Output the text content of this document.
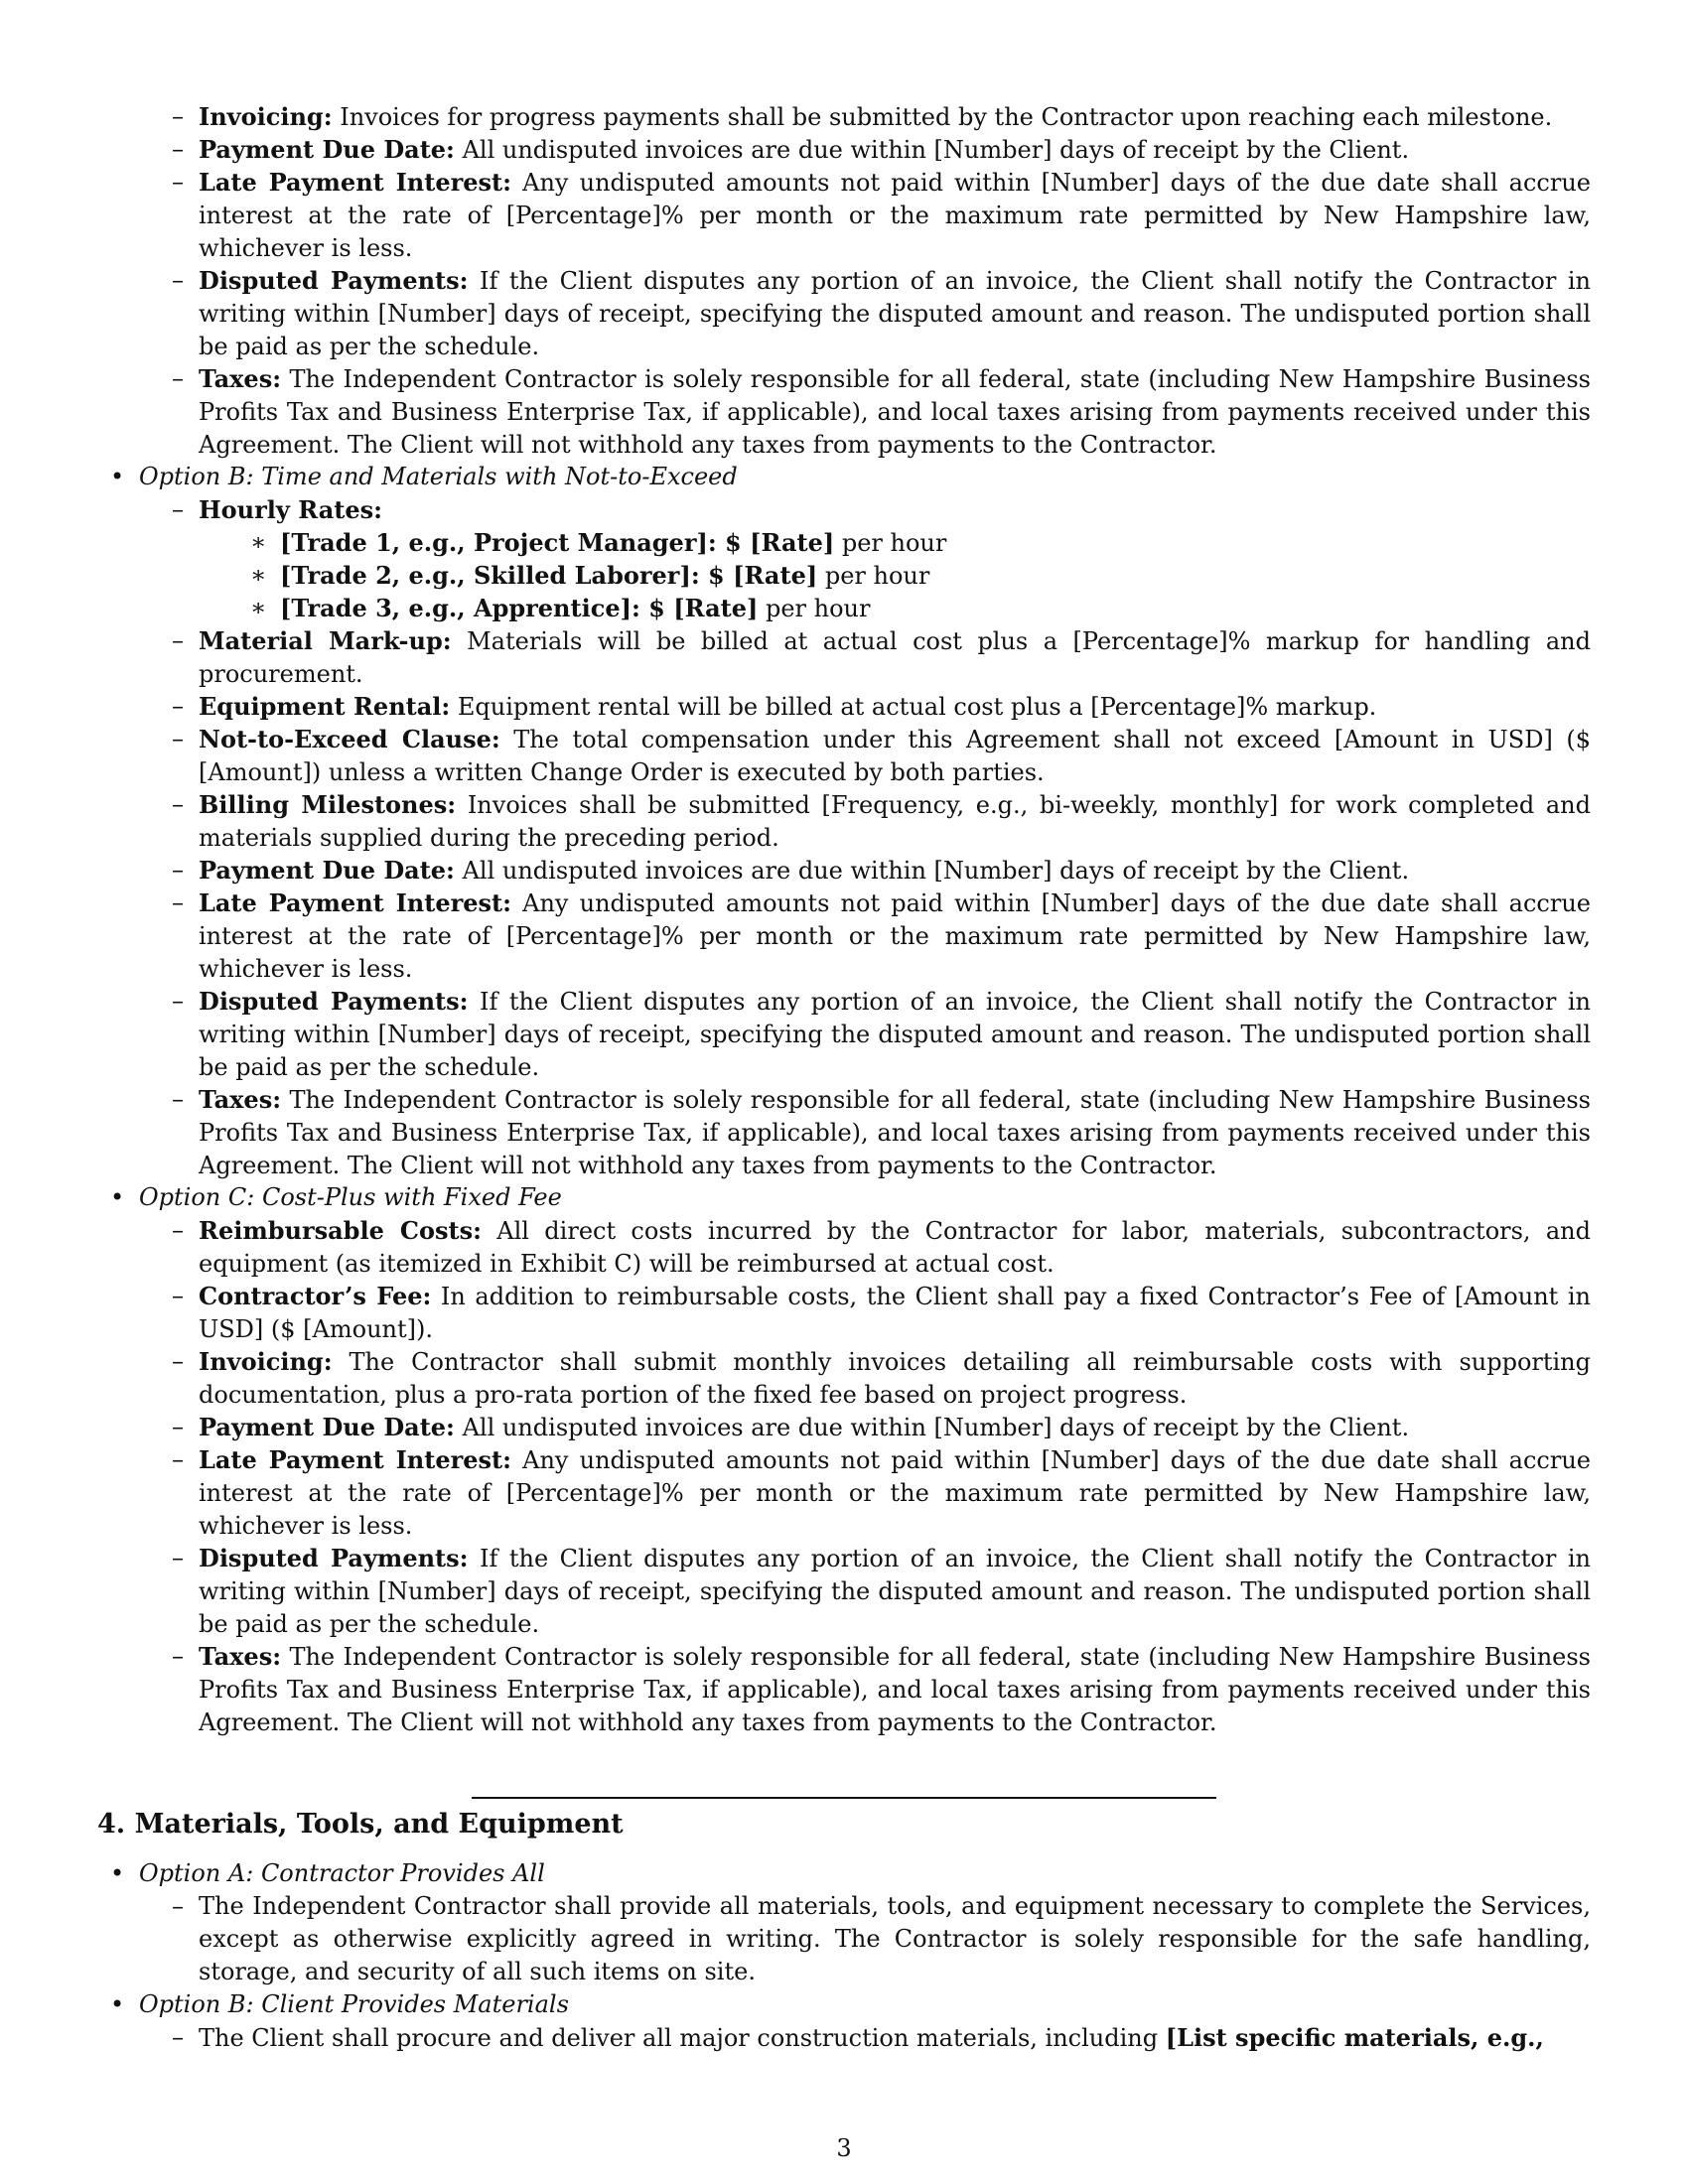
– Invoicing: Invoices for progress payments shall be submitted by the Contractor upon reaching each milestone.
– Payment Due Date: All undisputed invoices are due within [Number] days of receipt by the Client.
– Late Payment Interest: Any undisputed amounts not paid within [Number] days of the due date shall accrue interest at the rate of [Percentage]% per month or the maximum rate permitted by New Hampshire law, whichever is less.
– Disputed Payments: If the Client disputes any portion of an invoice, the Client shall notify the Contractor in writing within [Number] days of receipt, specifying the disputed amount and reason. The undisputed portion shall be paid as per the schedule.
– Taxes: The Independent Contractor is solely responsible for all federal, state (including New Hampshire Business Profits Tax and Business Enterprise Tax, if applicable), and local taxes arising from payments received under this Agreement. The Client will not withhold any taxes from payments to the Contractor.
• Option B: Time and Materials with Not-to-Exceed
– Hourly Rates:
∗ [Trade 1, e.g., Project Manager]: $ [Rate] per hour
∗ [Trade 2, e.g., Skilled Laborer]: $ [Rate] per hour
∗ [Trade 3, e.g., Apprentice]: $ [Rate] per hour
– Material Mark-up: Materials will be billed at actual cost plus a [Percentage]% markup for handling and procurement.
– Equipment Rental: Equipment rental will be billed at actual cost plus a [Percentage]% markup.
– Not-to-Exceed Clause: The total compensation under this Agreement shall not exceed [Amount in USD] ($ [Amount]) unless a written Change Order is executed by both parties.
– Billing Milestones: Invoices shall be submitted [Frequency, e.g., bi-weekly, monthly] for work completed and materials supplied during the preceding period.
– Payment Due Date: All undisputed invoices are due within [Number] days of receipt by the Client.
– Late Payment Interest: Any undisputed amounts not paid within [Number] days of the due date shall accrue interest at the rate of [Percentage]% per month or the maximum rate permitted by New Hampshire law, whichever is less.
– Disputed Payments: If the Client disputes any portion of an invoice, the Client shall notify the Contractor in writing within [Number] days of receipt, specifying the disputed amount and reason. The undisputed portion shall be paid as per the schedule.
– Taxes: The Independent Contractor is solely responsible for all federal, state (including New Hampshire Business Profits Tax and Business Enterprise Tax, if applicable), and local taxes arising from payments received under this Agreement. The Client will not withhold any taxes from payments to the Contractor.
• Option C: Cost-Plus with Fixed Fee
– Reimbursable Costs: All direct costs incurred by the Contractor for labor, materials, subcontractors, and equipment (as itemized in Exhibit C) will be reimbursed at actual cost.
– Contractor’s Fee: In addition to reimbursable costs, the Client shall pay a fixed Contractor’s Fee of [Amount in USD] ($ [Amount]).
– Invoicing: The Contractor shall submit monthly invoices detailing all reimbursable costs with supporting documentation, plus a pro-rata portion of the fixed fee based on project progress.
– Payment Due Date: All undisputed invoices are due within [Number] days of receipt by the Client.
– Late Payment Interest: Any undisputed amounts not paid within [Number] days of the due date shall accrue interest at the rate of [Percentage]% per month or the maximum rate permitted by New Hampshire law, whichever is less.
– Disputed Payments: If the Client disputes any portion of an invoice, the Client shall notify the Contractor in writing within [Number] days of receipt, specifying the disputed amount and reason. The undisputed portion shall be paid as per the schedule.
– Taxes: The Independent Contractor is solely responsible for all federal, state (including New Hampshire Business Profits Tax and Business Enterprise Tax, if applicable), and local taxes arising from payments received under this Agreement. The Client will not withhold any taxes from payments to the Contractor.
4. Materials, Tools, and Equipment
• Option A: Contractor Provides All
– The Independent Contractor shall provide all materials, tools, and equipment necessary to complete the Services, except as otherwise explicitly agreed in writing. The Contractor is solely responsible for the safe handling, storage, and security of all such items on site.
• Option B: Client Provides Materials
– The Client shall procure and deliver all major construction materials, including [List specific materials, e.g.,
3
